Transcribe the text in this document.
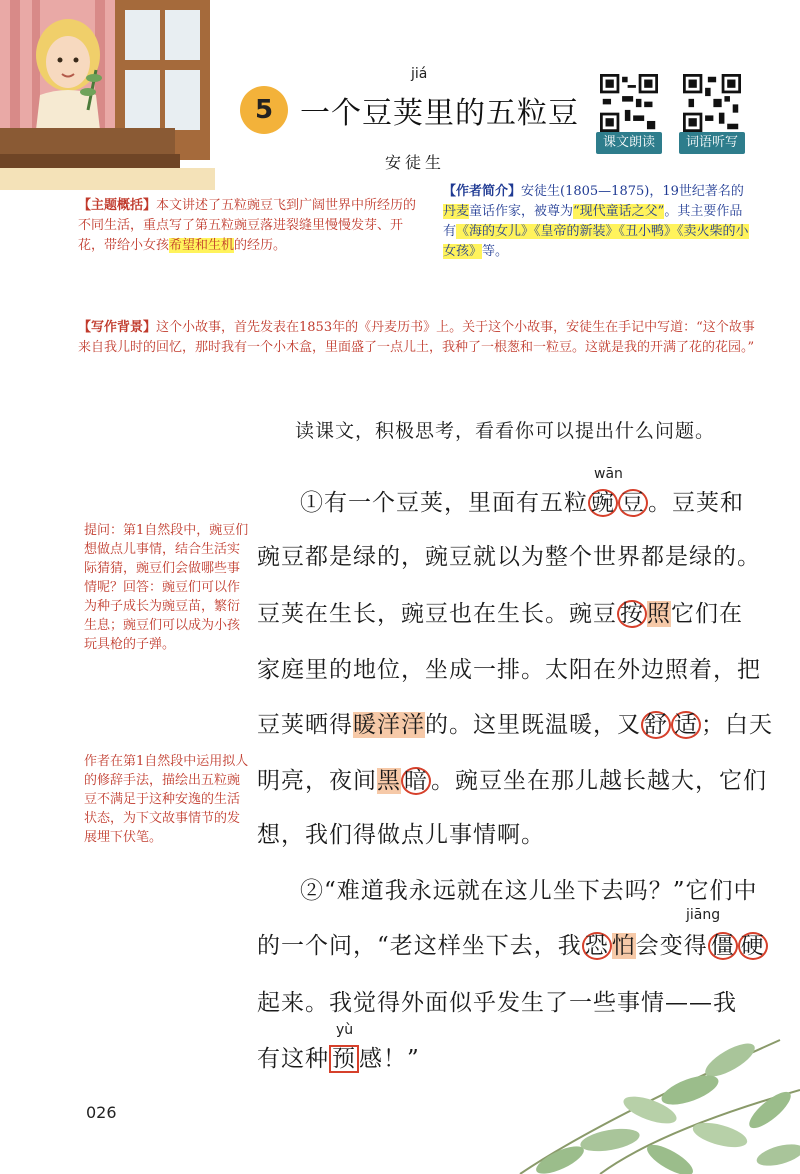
5
jiá
一个豆荚里的五粒豆
课文朗读	词语听写
安徒生
【主题概括】本文讲述了五粒豌豆飞到广阔世界中所经历的不同生活，重点写了第五粒豌豆落进裂缝里慢慢发芽、开花，带给小女孩希望和生机的经历。
【作者简介】安徒生(1805—1875)，19世纪著名的丹麦童话作家，被尊为“现代童话之父”。其主要作品有《海的女儿》《皇帝的新装》《丑小鸭》《卖火柴的小女孩》等。
【写作背景】这个小故事，首先发表在1853年的《丹麦历书》上。关于这个小故事，安徒生在手记中写道：“这个故事来自我儿时的回忆，那时我有一个小木盒，里面盛了一点儿土，我种了一根葱和一粒豆。这就是我的开满了花的花园。”
读课文，积极思考，看看你可以提出什么问题。
提问：第1自然段中，豌豆们想做点儿事情，结合生活实际猜猜，豌豆们会做哪些事情呢？回答：豌豆们可以作为种子成长为豌豆苗，繁衍生息；豌豆们可以成为小孩玩具枪的子弹。
作者在第1自然段中运用拟人的修辞手法，描绘出五粒豌豆不满足于这种安逸的生活状态，为下文故事情节的发展埋下伏笔。
wān
①有一个豆荚，里面有五粒 豌 豆 。豆荚和
豌豆都是绿的，豌豆就以为整个世界都是绿的。
豆荚在生长，豌豆也在生长。豌豆 按 照它们在
家庭里的地位，坐成一排。太阳在外边照着，把
豆荚晒得暖洋洋的。这里既温暖，又 舒 适 ；白天
明亮，夜间黑 暗 。豌豆坐在那儿越长越大，它们
想，我们得做点儿事情啊。
②“难道我永远就在这儿坐下去吗？”它们中
jiāng
的一个问，“老这样坐下去，我 恐 怕会变得 僵 硬
起来。我觉得外面似乎发生了一些事情——我
yù
有这种 预 感！”
026
